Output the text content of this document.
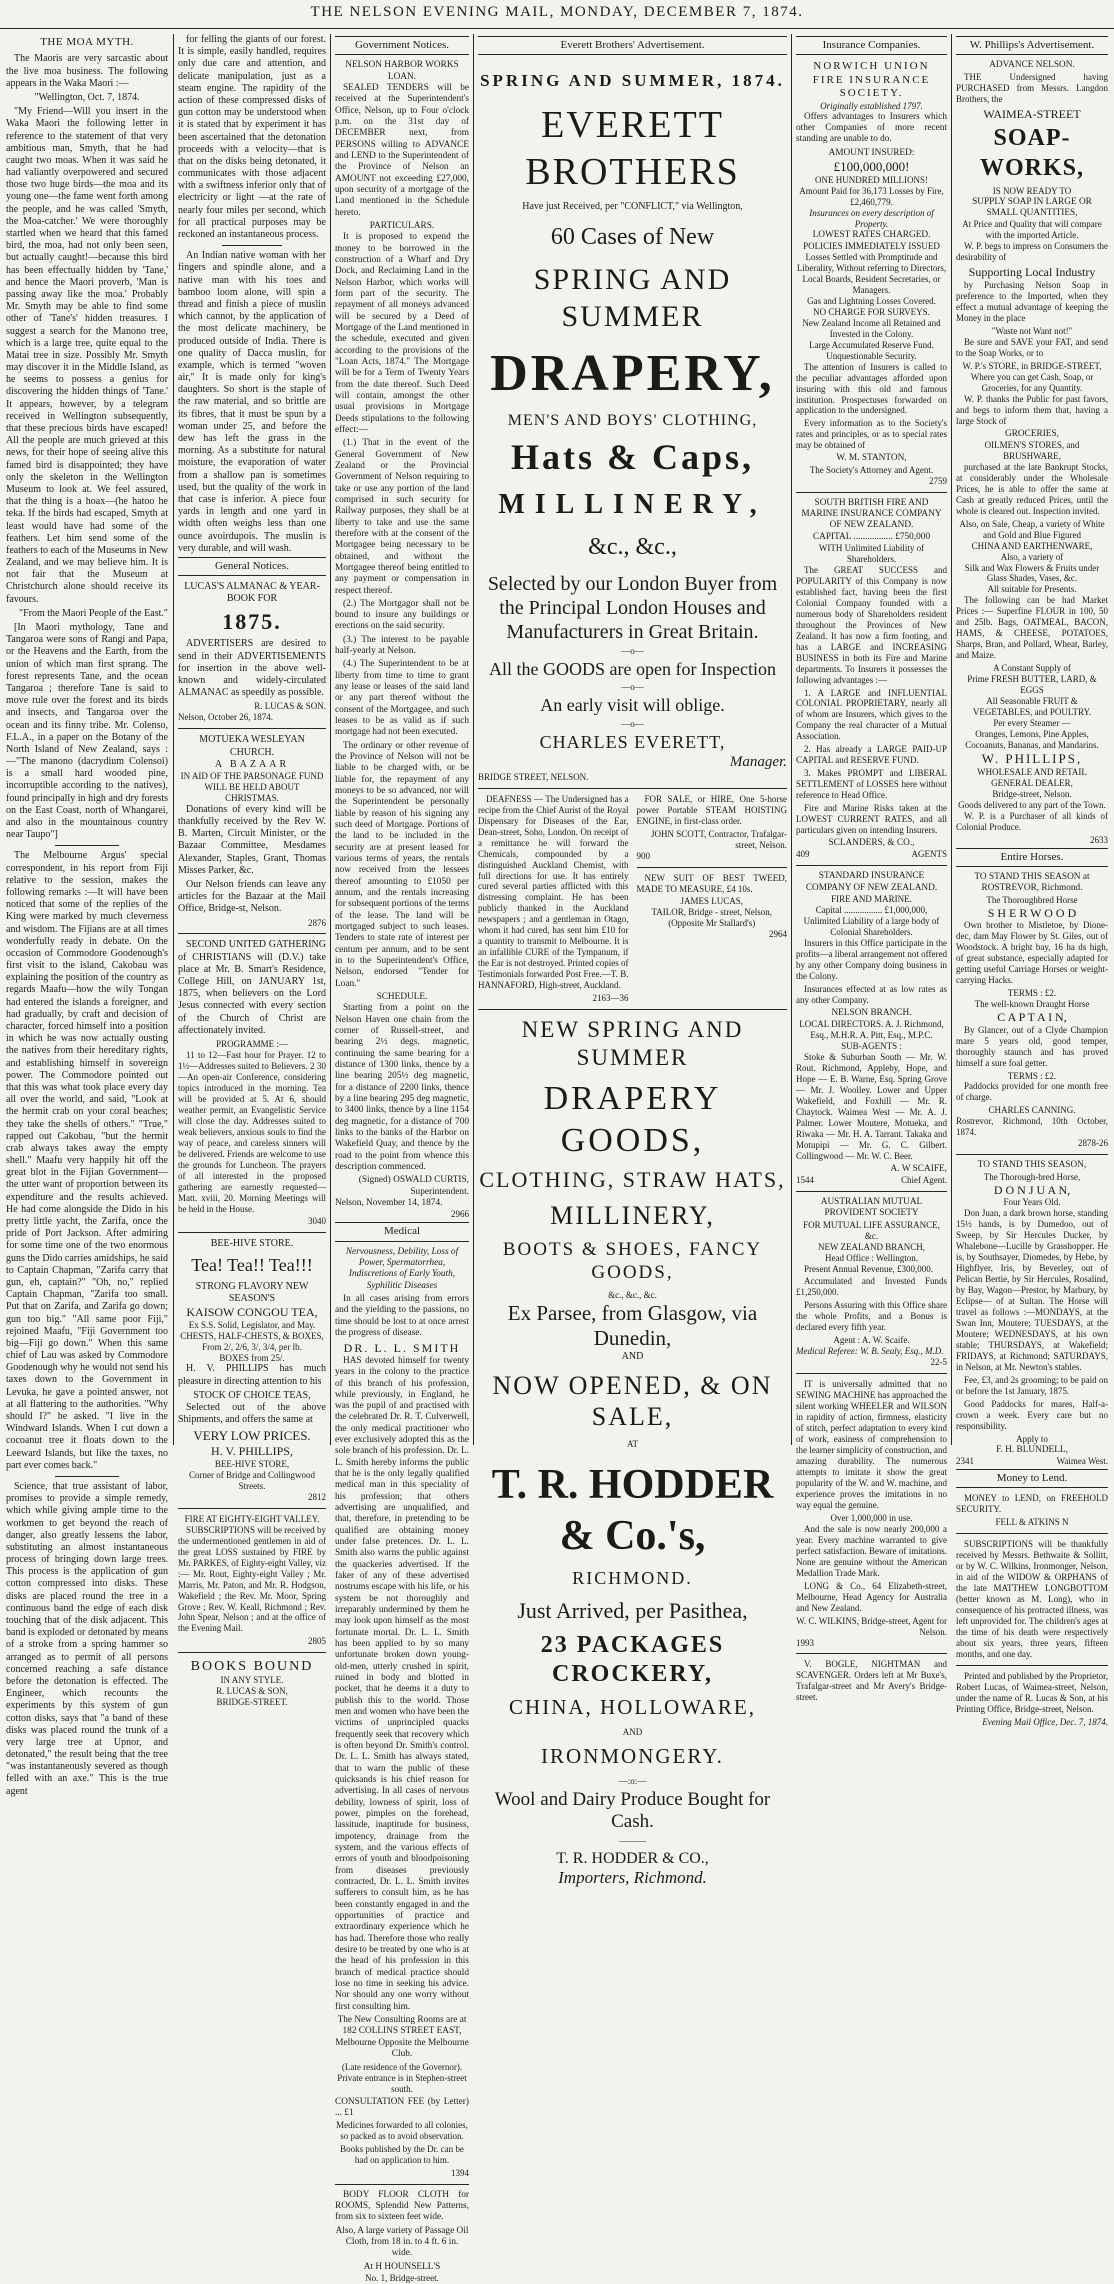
THE NELSON EVENING MAIL, MONDAY, DECEMBER 7, 1874.
THE MOA MYTH.

The Maoris are very sarcastic about the live moa business. The following appears in the Waka Maori :—

"Wellington, Oct. 7, 1874.

"My Friend—Will you insert in the Waka Maori the following letter in reference to the statement of that very ambitious man, Smyth, that he had caught two moas. When it was said he had valiantly overpowered and secured those two huge birds—the moa and its young one—the fame went forth among the people, and he was called 'Smyth, the Moa-catcher.' We were thoroughly startled when we heard that this famed bird, the moa, had not only been seen, but actually caught!—because this bird has been effectually hidden by 'Tane,' and hence the Maori proverb, 'Man is passing away like the moa.' Probably Mr. Smyth may be able to find some other of 'Tane's' hidden treasures. I suggest a search for the Manono tree, which is a large tree, quite equal to the Matai tree in size. Possibly Mr. Smyth may discover it in the Middle Island, as he seems to possess a genius for discovering the hidden things of 'Tane.' It appears, however, by a telegram received in Wellington subsequently, that these precious birds have escaped! All the people are much grieved at this news, for their hope of seeing alive this famed bird is disappointed; they have only the skeleton in the Wellington Museum to look at. We feel assured, that the thing is a hoax—(he hatoo he teka. If the birds had escaped, Smyth at least would have had some of the feathers. Let him send some of the feathers to each of the Museums in New Zealand, and we may believe him. It is not fair that the Museum at Christchurch alone should receive its favours.

"From the Maori People of the East."

[In Maori mythology, Tane and Tangaroa were sons of Rangi and Papa, or the Heavens and the Earth, from the union of which man first sprang. The forest represents Tane, and the ocean Tangaroa ; therefore Tane is said to move rule over the forest and its birds and insects, and Tangaroa over the ocean and its finny tribe. Mr. Colenso, F.L.A., in a paper on the Botany of the North Island of New Zealand, says :—"The manono (dacrydium Colensoi) is a small hard wooded pine, incorruptible according to the natives), found principally in high and dry forests on the East Coast, north of Whangarei, and also in the mountainous country near Taupo"]

The Melbourne Argus' special correspondent, in his report from Fiji relative to the session, makes the following remarks :—It will have been noticed that some of the replies of the King were marked by much cleverness and wisdom. The Fijians are at all times wonderfully ready in debate. On the occasion of Commodore Goodenough's first visit to the island, Cakobau was explaining the position of the country as regards Maafu—how the wily Tongan had entered the islands a foreigner, and had gradually, by craft and decision of character, forced himself into a position in which he was now actually ousting the natives from their hereditary rights, and establishing himself in sovereign power. The Commodore pointed out that this was what took place every day all over the world, and said, "Look at the hermit crab on your coral beaches; they take the shells of others." "True," rapped out Cakobau, "but the hermit crab always takes away the empty shell." Maafu very happily hit off the great blot in the Fijian Government—the utter want of proportion between its expenditure and the results achieved. He had come alongside the Dido in his pretty little yacht, the Zarifa, once the pride of Port Jackson. After admiring for some time one of the two enormous guns the Dido carries amidships, he said to Captain Chapman, "Zarifa carry that gun, eh, captain?" "Oh, no," replied Captain Chapman, "Zarifa too small. Put that on Zarifa, and Zarifa go down; gun too big." "All same poor Fiji," rejoined Maafu, "Fiji Government too big—Fiji go down." When this same chief of Lau was asked by Commodore Goodenough why he would not send his taxes down to the Government in Levuka, he gave a pointed answer, not at all flattering to the authorities. "Why should I?" he asked. "I live in the Windward Islands. When I cut down a cocoanut tree it floats down to the Leeward Islands, but like the taxes, no part ever comes back."

Science, that true assistant of labor, promises to provide a simple remedy, which while giving ample time to the workmen to get beyond the reach of danger, also greatly lessens the labor, substituting an almost instantaneous process of bringing down large trees. This process is the application of gun cotton compressed into disks. These disks are placed round the tree in a continuous band the edge of each disk touching that of the disk adjacent. This band is exploded or detonated by means of a stroke from a spring hammer so arranged as to permit of all persons concerned reaching a safe distance before the detonation is effected. The Engineer, which recounts the experiments by this system of gun cotton disks, says that "a band of these disks was placed round the trunk of a very large tree at Upnor, and detonated," the result being that the tree "was instantaneously severed as though felled with an axe." This is the true agent

for felling the giants of our forest. It is simple, easily handled, requires only due care and attention, and delicate manipulation, just as a steam engine. The rapidity of the action of these compressed disks of gun cotton may be understood when it is stated that by experiment it has been ascertained that the detonation proceeds with a velocity—that is that on the disks being detonated, it communicates with those adjacent with a swiftness inferior only that of electricity or light —at the rate of nearly four miles per second, which for all practical purposes may be reckoned an instantaneous process.

An Indian native woman with her fingers and spindle alone, and a native man with his toes and bamboo loom alone, will spin a thread and finish a piece of muslin which cannot, by the application of the most delicate machinery, be produced outside of India. There is one quality of Dacca muslin, for example, which is termed "woven air," It is made only for king's daughters. So short is the staple of the raw material, and so brittle are its fibres, that it must be spun by a woman under 25, and before the dew has left the grass in the morning. As a substitute for natural moisture, the evaporation of water from a shallow pan is sometimes used, but the quality of the work in that case is inferior. A piece four yards in length and one yard in width often weighs less than one ounce avoirdupois. The muslin is very durable, and will wash.

General Notices.
LUCAS'S ALMANAC & YEAR-BOOK FOR
1875.

ADVERTISERS are desired to send in their ADVERTISEMENTS for insertion in the above well-known and widely-circulated ALMANAC as speedily as possible.

R. LUCAS & SON.
Nelson, October 26, 1874.
MOTUEKA WESLEYAN CHURCH.
A BAZAAR
IN AID OF THE PARSONAGE FUND
WILL BE HELD ABOUT CHRISTMAS.

Donations of every kind will be thankfully received by the Rev W. B. Marten, Circuit Minister, or the Bazaar Committee, Mesdames Alexander, Staples, Grant, Thomas Misses Parker, &c.

Our Nelson friends can leave any articles for the Bazaar at the Mail Office, Bridge-st, Nelson.

2876

SECOND UNITED GATHERING of CHRISTIANS will (D.V.) take place at Mr. B. Smart's Residence, College Hill, on JANUARY 1st, 1875, when believers on the Lord Jesus connected with every section of the Church of Christ are affectionately invited.

PROGRAMME :—

11 to 12—Fast hour for Prayer. 12 to 1½—Addresses suited to Believers. 2 30—An open-air Conference, considering topics introduced in the morning. Tea will be provided at 5. At 6, should weather permit, an Evangelistic Service will close the day. Addresses suited to weak believers, anxious souls to find the way of peace, and careless sinners will be delivered. Friends are welcome to use the grounds for Luncheon. The prayers of all interested in the proposed gathering are earnestly requested— Matt. xviii, 20. Morning Meetings will be held in the House.

3040
BEE-HIVE STORE.
Tea! Tea!! Tea!!!
STRONG FLAVORY NEW SEASON'S
KAISOW CONGOU TEA,
Ex S.S. Solid, Legislator, and May.
CHESTS, HALF-CHESTS, & BOXES,
From 2/, 2/6, 3/, 3/4, per lb.
BOXES from 25/.

H. V. PHILLIPS has much pleasure in directing attention to his

STOCK OF CHOICE TEAS,

Selected out of the above Shipments, and offers the same at

VERY LOW PRICES.
H. V. PHILLIPS,
BEE-HIVE STORE,
Corner of Bridge and Collingwood Streets.
2812
FIRE AT EIGHTY-EIGHT VALLEY.

SUBSCRIPTIONS will be received by the undermentioned gentlemen in aid of the great LOSS sustained by FIRE by Mr. PARKES, of Eighty-eight Valley, viz :— Mr. Rout, Eighty-eight Valley ; Mr. Marris, Mr. Paton, and Mr. R. Hodgson, Wakefield ; the Rev. Mr. Moor, Spring Grove ; Rev. W. Keall, Richmond ; Rev. John Spear, Nelson ; and at the office of the Evening Mail.

2805
BOOKS BOUND
IN ANY STYLE.
R. LUCAS & SON,
BRIDGE-STREET.
Government Notices.
NELSON HARBOR WORKS LOAN.

SEALED TENDERS will be received at the Superintendent's Office, Nelson, up to Four o'clock p.m. on the 31st day of DECEMBER next, from PERSONS willing to ADVANCE and LEND to the Superintendent of the Province of Nelson an AMOUNT not exceeding £27,000, upon security of a mortgage of the Land mentioned in the Schedule hereto.

PARTICULARS.

It is proposed to expend the money to be borrowed in the construction of a Wharf and Dry Dock, and Reclaiming Land in the Nelson Harbor, which works will form part of the security. The repayment of all moneys advanced will be secured by a Deed of Mortgage of the Land mentioned in the schedule, executed and given according to the provisions of the "Loan Acts, 1874." The Mortgage will be for a Term of Twenty Years from the date thereof. Such Deed will contain, amongst the other usual provisions in Mortgage Deeds stipulations to the following effect:—

(1.) That in the event of the General Government of New Zealand or the Provincial Government of Nelson requiring to take or use any portion of the land comprised in such security for Railway purposes, they shall be at liberty to take and use the same therefore with at the consent of the Mortgagee being necessary to be obtained, and without the Mortgagee thereof being entitled to any payment or compensation in respect thereof.

(2.) The Mortgagor shall not be bound to insure any buildings or erections on the said security.

(3.) The interest to be payable half-yearly at Nelson.

(4.) The Superintendent to be at liberty from time to time to grant any lease or leases of the said land or any part thereof without the consent of the Mortgagee, and such leases to be as valid as if such mortgage had not been executed.

The ordinary or other revenue of the Province of Nelson will not be liable to be charged with, or be liable for, the repayment of any moneys to be so advanced, nor will the Superintendent be personally liable by reason of his signing any such deed of Mortgage. Portions of the land to be included in the security are at present leased for various terms of years, the rentals now received from the lessees thereof amounting to £1050 per annum, and the rentals increasing for subsequent portions of the terms of the lease. The land will be mortgaged subject to such leases. Tenders to state rate of interest per centum per annum, and to be sent in to the Superintendent's Office, Nelson, endorsed "Tender for Loan."

SCHEDULE.

Starting from a point on the Nelson Haven one chain from the corner of Russell-street, and bearing 2½ degs. magnetic, continuing the same bearing for a distance of 1300 links, thence by a line bearing 205½ deg magnetic, for a distance of 2200 links, thence by a line bearing 295 deg magnetic, to 3400 links, thence by a line 1154 deg magnetic, for a distance of 700 links to the banks of the Harbor on Wakefield Quay, and thence by the road to the point from whence this description commenced.

(Signed) OSWALD CURTIS, Superintendent.
Nelson, November 14, 1874.
2966
Medical

Nervousness, Debility, Loss of Power, Spermatorrhea, Indiscretions of Early Youth, Syphilitic Diseases

In all cases arising from errors and the yielding to the passions, no time should be lost to at once arrest the progress of disease.

DR. L. L. SMITH

HAS devoted himself for twenty years in the colony to the practice of this branch of his profession, while previously, in England, he was the pupil of and practised with the celebrated Dr. R. T. Culverwell, the only medical practitioner who ever exclusively adopted this as the sole branch of his profession. Dr. L. L. Smith hereby informs the public that he is the only legally qualified medical man in this speciality of his profession; that others advertising are unqualified, and that, therefore, in pretending to be qualified are obtaining money under false pretences. Dr. L. L. Smith also warns the public against the quackeries advertised. If the faker of any of these advertised nostrums escape with his life, or his system be not thoroughly and irreparably undermined by them he may look upon himself as the most fortunate mortal. Dr. L. L. Smith has been applied to by so many unfortunate broken down young-old-men, utterly crushed in spirit, ruined in body and blotted in pocket, that he deems it a duty to publish this to the world. Those men and women who have been the victims of unprincipled quacks frequently seek that recovery which is often beyond Dr. Smith's control. Dr. L. L. Smith has always stated, that to warn the public of these quicksands is his chief reason for advertising. In all cases of nervous debility, lowness of spirit, loss of power, pimples on the forehead, lassitude, inaptitude for business, impotency, drainage from the system, and the various effects of errors of youth and bloodpoisoning from diseases previously contracted, Dr. L. L. Smith invites sufferers to consult him, as he has been constantly engaged in and the opportunities of practice and extraordinary experience which he has had. Therefore those who really desire to be treated by one who is at the head of his profession in this branch of medical practice should lose no time in seeking his advice. Nor should any one worry without first consulting him.

The New Consulting Rooms are at 182 COLLINS STREET EAST, Melbourne Opposite the Melbourne Club.

(Late residence of the Governor). Private entrance is in Stephen-street south.

CONSULTATION FEE (by Letter) ... £1

Medicines forwarded to all colonies, so packed as to avoid observation.

Books published by the Dr. can be had on application to him.

1394

BODY FLOOR CLOTH for ROOMS, Splendid New Patterns, from six to sixteen feet wide.

Also, A large variety of Passage Oil Cloth, from 18 in. to 4 ft. 6 in. wide.

At H HOUNSELL'S
No. 1, Bridge-street.
Everett Brothers' Advertisement.
SPRING AND SUMMER, 1874.
EVERETT BROTHERS
Have just Received, per "CONFLICT," via Wellington,
60 Cases of New
SPRING AND SUMMER
DRAPERY,
MEN'S AND BOYS' CLOTHING,
Hats & Caps,
MILLINERY,
&c., &c.,
Selected by our London Buyer from the Principal London Houses and Manufacturers in Great Britain.
—o—
All the GOODS are open for Inspection
—o—
An early visit will oblige.
—o—
CHARLES EVERETT,
Manager.
BRIDGE STREET, NELSON.

DEAFNESS — The Undersigned has a recipe from the Chief Aurist of the Royal Dispensary for Diseases of the Ear, Dean-street, Soho, London. On receipt of a remittance he will forward the Chemicals, compounded by a distinguished Auckland Chemist, with full directions for use. It has entirely cured several parties afflicted with this distressing complaint. He has been publicly thanked in the Auckland newspapers ; and a gentleman in Otago, whom it had cured, has sent him £10 for a quantity to transmit to Melbourne. It is an infallible CURE of the Tympanum, if the Ear is not destroyed. Printed copies of Testimonials forwarded Post Free.—T. B. HANNAFORD, High-street, Auckland.

2163—36

FOR SALE, or HIRE, One 5-horse power Portable STEAM HOISTING ENGINE, in first-class order.

JOHN SCOTT, Contractor, Trafalgar-street, Nelson.
900

NEW SUIT OF BEST TWEED, MADE TO MEASURE, £4 10s.

JAMES LUCAS,
TAILOR, Bridge - street, Nelson, (Opposite Mr Stallard's)
2964
NEW SPRING AND SUMMER
DRAPERY GOODS,
CLOTHING, STRAW HATS,
MILLINERY,
BOOTS & SHOES, FANCY GOODS,
&c., &c., &c.
Ex Parsee, from Glasgow, via Dunedin,
AND
NOW OPENED, & ON SALE,
AT
T. R. HODDER & Co.'s,
RICHMOND.
Just Arrived, per Pasithea,
23 PACKAGES CROCKERY,
CHINA, HOLLOWARE,
AND
IRONMONGERY.
—:o:—
Wool and Dairy Produce Bought for Cash.
———
T. R. HODDER & CO.,
Importers, Richmond.
Insurance Companies.
NORWICH UNION FIRE INSURANCE SOCIETY.
Originally established 1797.

Offers advantages to Insurers which other Companies of more recent standing are unable to do.

AMOUNT INSURED:
£100,000,000!
ONE HUNDRED MILLIONS!
Amount Paid for 36,173 Losses by Fire, £2,460,779.
Insurances on every description of Property.
LOWEST RATES CHARGED.
POLICIES IMMEDIATELY ISSUED
Losses Settled with Promptitude and Liberality, Without referring to Directors, Local Boards, Resident Secretaries, or Managers.
Gas and Lightning Losses Covered.
NO CHARGE FOR SURVEYS.
New Zealand Income all Retained and Invested in the Colony.
Large Accumulated Reserve Fund.
Unquestionable Security.

The attention of Insurers is called to the peculiar advantages afforded upon insuring with this old and famous institution. Prospectuses forwarded on application to the undersigned.

Every information as to the Society's rates and principles, or as to special rates may be obtained of

W. M. STANTON,
The Society's Attorney and Agent.
2759
SOUTH BRITISH FIRE AND MARINE INSURANCE COMPANY OF NEW ZEALAND.
CAPITAL ................. £750,000
WITH Unlimited Liability of Shareholders.

The GREAT SUCCESS and POPULARITY of this Company is now established fact, having been the first Colonial Company founded with a numerous body of Shareholders resident throughout the Provinces of New Zealand. It has now a firm footing, and has a LARGE and INCREASING BUSINESS in both its Fire and Marine departments. To Insurers it possesses the following advantages :—

1. A LARGE and INFLUENTIAL COLONIAL PROPRIETARY, nearly all of whom are Insurers, which gives to the Company the real character of a Mutual Association.

2. Has already a LARGE PAID-UP CAPITAL and RESERVE FUND.

3. Makes PROMPT and LIBERAL SETTLEMENT of LOSSES here without reference to Head Office.

Fire and Marine Risks taken at the LOWEST CURRENT RATES, and all particulars given on intending Insurers.

SCLANDERS, & CO.,
409	AGENTS
STANDARD INSURANCE COMPANY OF NEW ZEALAND.
FIRE AND MARINE.
Capital ................. £1,000,000,
Unlimited Liability of a large body of Colonial Shareholders.

Insurers in this Office participate in the profits—a liberal arrangement not offered by any other Company doing business in the Colony.

Insurances effected at as low rates as any other Company.

NELSON BRANCH.
LOCAL DIRECTORS. A. J. Richmond, Esq., M.H.R. A. Pitt, Esq., M.P.C.
SUB-AGENTS :

Stoke & Suburban South — Mr. W. Rout. Richmond, Appleby, Hope, and Hope — E. B. Warne, Esq. Spring Grove — Mr. J. Woolley. Lower and Upper Wakefield, and Foxhill — Mr. R. Chaytock. Waimea West — Mr. A. J. Palmer. Lower Moutere, Motueka, and Riwaka — Mr. H. A. Tarrant. Takaka and Motupipi — Mr. G. C. Gilbert. Collingwood — Mr. W. C. Beer.

A. W SCAIFE,
1544	Chief Agent.
AUSTRALIAN MUTUAL PROVIDENT SOCIETY
FOR MUTUAL LIFE ASSURANCE, &c.
NEW ZEALAND BRANCH,
Head Office : Wellington.

Present Annual Revenue, £300,000.

Accumulated and Invested Funds £1,250,000.

Persons Assuring with this Office share the whole Profits, and a Bonus is declared every fifth year.

Agent : A. W. Scaife.
Medical Referee: W. B. Sealy, Esq., M.D.
22-5

IT is universally admitted that no SEWING MACHINE has approached the silent working WHEELER and WILSON in rapidity of action, firmness, elasticity of stitch, perfect adaptation to every kind of work, easiness of comprehension to the learner simplicity of construction, and amazing durability. The numerous attempts to imitate it show the great popularity of the W. and W. machine, and experience proves the imitations in no way equal the genuine.

Over 1,000,000 in use.

And the sale is now nearly 200,000 a year. Every machine warranted to give perfect satisfaction. Beware of imitations. None are genuine without the American Medallion Trade Mark.

LONG & Co., 64 Elizabeth-street, Melbourne, Head Agency for Australia and New Zealand.

W. C. WILKINS, Bridge-street, Agent for Nelson.
1993

V. BOGLE, NIGHTMAN and SCAVENGER. Orders left at Mr Buxe's, Trafalgar-street and Mr Avery's Bridge-street.

W. Phillips's Advertisement.
ADVANCE NELSON.

THE Undersigned having PURCHASED from Messrs. Langdon Brothers, the

WAIMEA-STREET
SOAP-WORKS,
IS NOW READY TO
SUPPLY SOAP IN LARGE OR SMALL QUANTITIES,
At Price and Quality that will compare with the imported Article.

W. P. begs to impress on Consumers the desirability of

Supporting Local Industry

by Purchasing Nelson Soap in preference to the Imported, when they effect a mutual advantage of keeping the Money in the place

"Waste not Want not!"

Be sure and SAVE your FAT, and send to the Soap Works, or to

W. P.'s STORE, in BRIDGE-STREET,
Where you can get Cash, Soap, or Groceries, for any Quantity.

W. P. thanks the Public for past favors, and begs to inform them that, having a large Stock of

GROCERIES,
OILMEN'S STORES, and BRUSHWARE,

purchased at the late Bankrupt Stocks, at considerably under the Wholesale Prices, he is able to offer the same at Cash at greatly reduced Prices, until the whole is cleared out. Inspection invited.

Also, on Sale, Cheap, a variety of White and Gold and Blue Figured
CHINA AND EARTHENWARE,
Also, a variety of
Silk and Wax Flowers & Fruits under Glass Shades, Vases, &c.
All suitable for Presents.

The following can be had Market Prices :— Superfine FLOUR in 100, 50 and 25lb. Bags, OATMEAL, BACON, HAMS, & CHEESE, POTATOES, Sharps, Bran, and Pollard, Wheat, Barley, and Maize.

A Constant Supply of
Prime FRESH BUTTER, LARD, & EGGS
All Seasonable FRUIT & VEGETABLES, and POULTRY.
Per every Steamer —
Oranges, Lemons, Pine Apples, Cocoanuts, Bananas, and Mandarins.
W. PHILLIPS,
WHOLESALE AND RETAIL GENERAL DEALER,
Bridge-street, Nelson.
Goods delivered to any part of the Town.

W. P. is a Purchaser of all kinds of Colonial Produce.

2633
Entire Horses.
TO STAND THIS SEASON at ROSTREVOR, Richmond.
The Thoroughbred Horse
S H E R W O O D

Own brother to Mistletoe, by Dione-dec, dam May Flower by St. Giles, out of Woodstock. A bright bay, 16 ha ds high, of great substance, especially adapted for getting useful Carriage Horses or weight-carrying Hacks.

TERMS : £2.
The well-known Draught Horse
C A P T A I N,

By Glancer, out of a Clyde Champion mare 5 years old, good temper, thoroughly staunch and has proved himself a sure foal getter.

TERMS : £2.

Paddocks provided for one month free of charge.

CHARLES CANNING.
Rostrevor, Richmond, 10th October, 1874.
2878-26
TO STAND THIS SEASON,
The Thorough-bred Horse,
D O N J U A N,
Four Years Old.

Don Juan, a dark brown horse, standing 15½ hands, is by Dumedoo, out of Sweep, by Sir Hercules Ducker, by Whalebone—Lucille by Grasshopper. He is, by Southsayer, Diomedes, by Hebe, by Highflyer, Iris, by Beverley, out of Pelican Bertie, by Sir Hercules, Rosalind, by Bay, Wagon—Prestor, by Marbury, by Eclipse— of at Sultan. The Horse will travel as follows :—MONDAYS, at the Swan Inn, Moutere; TUESDAYS, at the Moutere; WEDNESDAYS, at his own stable; THURSDAYS, at Wakefield; FRIDAYS, at Richmond; SATURDAYS, in Nelson, at Mr. Newton's stables.

Fee, £3, and 2s grooming; to be paid on or before the 1st January, 1875.

Good Paddocks for mares, Half-a-crown a week. Every care but no responsibility.

Apply to
F. H. BLUNDELL,
2341	Waimea West.
Money to Lend.

MONEY to LEND, on FREEHOLD SECURITY.

FELL & ATKINS N

SUBSCRIPTIONS will be thankfully received by Messrs. Bethwaite & Sollitt, or by W. C. Wilkins, Ironmonger, Nelson, in aid of the WIDOW & ORPHANS of the late MATTHEW LONGBOTTOM (better known as M. Long), who in consequence of his protracted illness, was left unprovided for. The children's ages at the time of his death were respectively about six years, three years, fifteen months, and one day.

Printed and published by the Proprietor, Robert Lucas, of Waimea-street, Nelson, under the name of R. Lucas & Son, at his Printing Office, Bridge-street, Nelson.

Evening Mail Office, Dec. 7, 1874.
